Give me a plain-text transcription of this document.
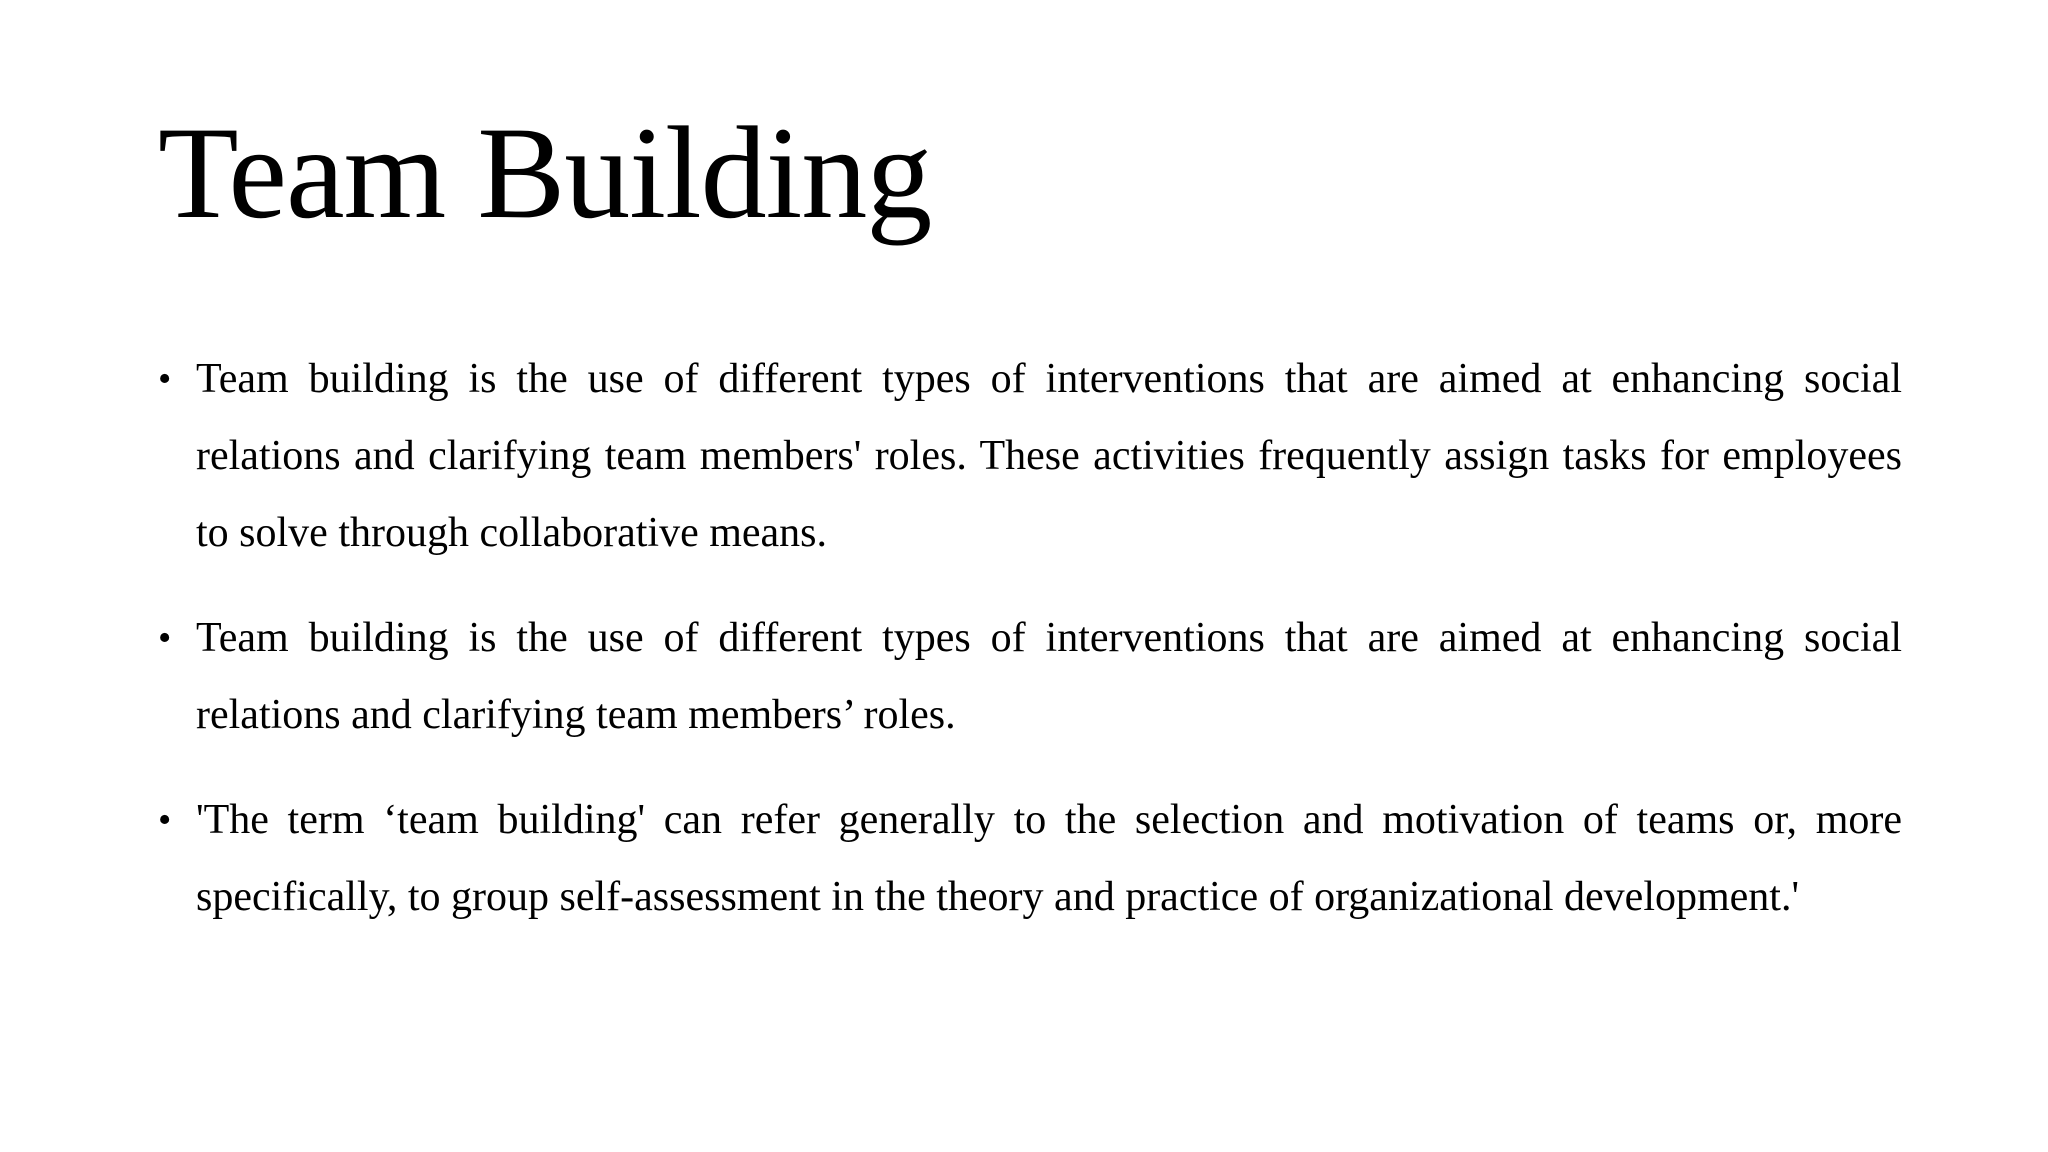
Team Building
• Team building is the use of different types of interventions that are aimed at enhancing social relations and clarifying team members' roles. These activities frequently assign tasks for employees to solve through collaborative means.
• Team building is the use of different types of interventions that are aimed at enhancing social relations and clarifying team members’ roles.
• 'The term ‘team building' can refer generally to the selection and motivation of teams or, more specifically, to group self-assessment in the theory and practice of organizational development.'
